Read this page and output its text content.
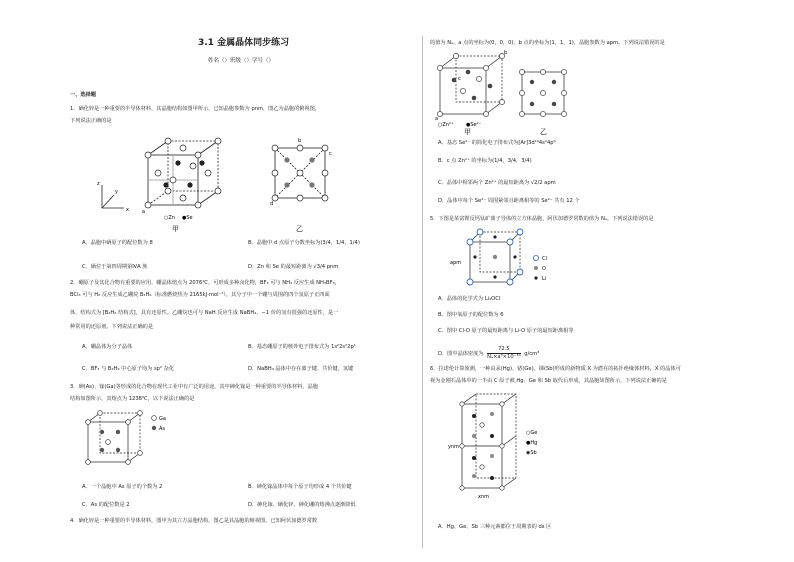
3.1 金属晶体同步练习
姓名（）班级（）学号（）
一、选择题
1．硒化锌是一种重要的半导体材料，其晶胞结构如图甲所示，已知晶胞参数为 pnm，图乙为晶胞的俯视图，
下列说法正确的是
z
y
x	a
○Zn ●Se
甲
b
c
d
乙
A．晶胞中硒原子的配位数为 8	B．晶胞中 d 点原子分数坐标为(3/4，1/4，1/4)
C．硒位于第四周期第ⅣA 族	D．Zn 和 Se 的最短距离为 √3/4 pnm
2．硼原子及其化合物有重要的应用，硼晶体熔点为 2076℃，可形成多种卤化物，BF₃ 可与 NH₃ 反应生成 NH₃BF₃，
BCl₃ 可与 H₂ 反应生成乙硼烷 B₂H₆（标准燃烧热为 2165kJ·mol⁻¹），其分子中一个硼与周围的四个氢原子正四面
体，结构式为 [B₂H₆ 结构式]，具有还原性。乙硼烷也可与 NaH 反应生成 NaBH₄，−1 价的氢有很强的还原性，是一
种常用的还原剂。下列说法正确的是
A．硼晶体为分子晶体	B．基态硼原子的核外电子排布式为 1s²2s²2p¹
C．BF₃ 与 B₂H₆ 中心原子均为 sp² 杂化	D．NaBH₄ 晶体中存在离子键、共价键、氢键
3．砷(As)、镓(Ga)等形成的化合物在现代工业中有广泛的用途，其中砷化镓是一种重要的半导体材料，晶胞
结构如图所示，其熔点为 1238℃，以下说法正确的是
Ga
As
A．一个晶胞中 As 原子的个数为 2	B．砷化镓晶体中每个原子均形成 4 个共价键
C．As 的配位数是 2	D．砷化镓、硒化锌、砷化硼的熔沸点逐渐降低
4．硒化锌是一种重要的半导体材料，图甲为其立方晶胞结构，图乙是其晶胞的俯视图。已知阿伏加德罗常数
的值为 Nₐ，a 点的坐标为(0，0，0)，b 点的坐标为(1，1，1)，晶胞参数为 apm。下列说法错误的是
a
b
c
○Zn²⁺ ●Se²⁻
甲	乙
A．基态 Se²⁻ 的简化电子排布式为[Ar]3d¹⁰4s²4p⁶
B．c 点 Zn²⁺ 的坐标为(1/4，3/4，3/4)
C．晶体中相邻两个 Zn²⁺ 的最短距离为 √2/2 apm
D．晶体中每个 Se²⁻ 周围紧邻且距离相等的 Se²⁻ 共有 12 个
5．下图是某富锂反钙钛矿离子导体的立方体晶胞，阿伏加德罗常数的值为 Nₐ。下列说法错误的是
apm
Cl
O
Li
A．晶体的化学式为 Li₃OCl
B．图中氧原子的配位数为 6
C．图中 Cl-O 原子的最短距离与 Li-O 原子的最短距离相等
D．图中晶体密度为 $\frac{72.5}{\text{Nₐ×a³×10⁻³⁰}} g/cm^3$
6．拉诺伦计算预测，一种由汞(Hg)、锗(Ge)、锑(Sb)形成的新物质 X 为潜在的拓扑绝缘体材料，X 的晶体可
视为金刚石晶体中的一半由 C 原子被 Hg、Ge 和 Sb 取代后形成，其晶胞如图所示，下列说法正确的是
ynm
xnm
○Ge
●Hg
◉Sb
A．Hg、Ge、Sb 三种元素都位于周期表的 ds 区
